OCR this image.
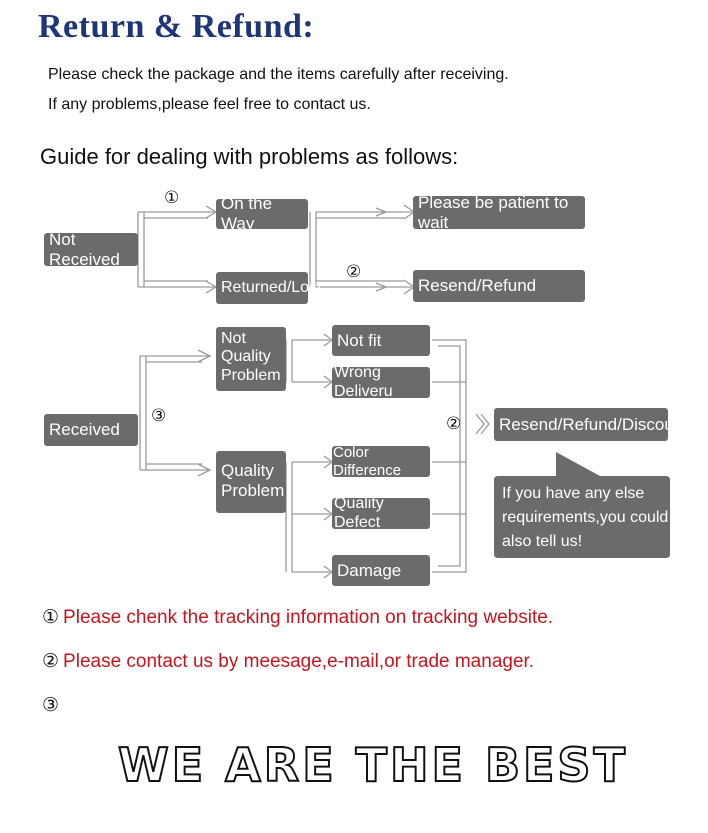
Return & Refund:
Please check the package and the items carefully after receiving.
If any problems,please feel free to contact us.
Guide for dealing with problems as follows:
Not Received
① On the Way
Returned/Lost
Please be patient to wait
②
Resend/Refund
Received
③
Not Quality Problem
Quality Problem
Not fit
Wrong Deliveru
Color Difference
Quality Defect
Damage
② Resend/Refund/Discount
If you have any else requirements,you could also tell us!
① Please chenk the tracking information on tracking website.
② Please contact us by meesage,e-mail,or trade manager.
③
WE ARE THE BEST
